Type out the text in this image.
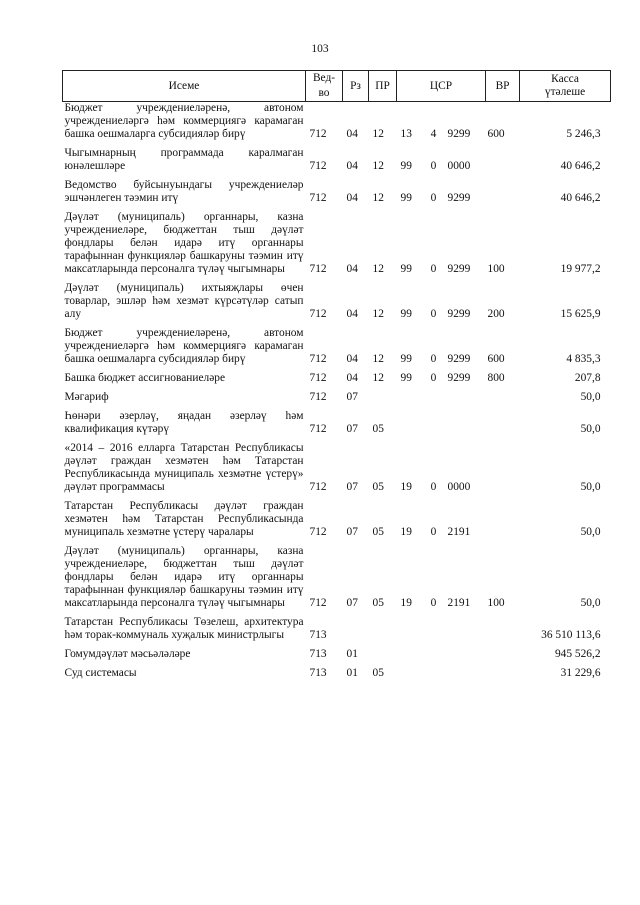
103
Исеме	Вед-
во	Рз	ПР	ЦСР			ВР	Касса
үтәлеше
Бюджет учреждениеләренә, автоном учреждениеләргә һәм коммерциягә карамаган башка оешмаларга субсидияләр бирү	712	04	12	13	4	9299	600	5 246,3
Чыгымнарның программада каралмаган юнәлешләре	712	04	12	99	0	0000		40 646,2
Ведомство буйсынуындагы учреждениеләр эшчәнлеген тәэмин итү	712	04	12	99	0	9299		40 646,2
Дәүләт (муниципаль) органнары, казна учреждениеләре, бюджеттан тыш дәүләт фондлары белән идарә итү органнары тарафыннан функцияләр башкаруны тәэмин итү максатларында персоналга түләү чыгымнары	712	04	12	99	0	9299	100	19 977,2
Дәүләт (муниципаль) ихтыяҗлары өчен товарлар, эшләр һәм хезмәт күрсәтүләр сатып алу	712	04	12	99	0	9299	200	15 625,9
Бюджет учреждениеләренә, автоном учреждениеләргә һәм коммерциягә карамаган башка оешмаларга субсидияләр бирү	712	04	12	99	0	9299	600	4 835,3
Башка бюджет ассигнованиеләре	712	04	12	99	0	9299	800	207,8
Мәгариф	712	07						50,0
Һөнәри әзерләү, яңадан әзерләү һәм квалификация күтәрү	712	07	05					50,0
«2014 – 2016 елларга Татарстан Республикасы дәүләт граждан хезмәтен һәм Татарстан Республикасында муниципаль хезмәтне үстерү» дәүләт программасы	712	07	05	19	0	0000		50,0
Татарстан Республикасы дәүләт граждан хезмәтен һәм Татарстан Республикасында муниципаль хезмәтне үстерү чаралары	712	07	05	19	0	2191		50,0
Дәүләт (муниципаль) органнары, казна учреждениеләре, бюджеттан тыш дәүләт фондлары белән идарә итү органнары тарафыннан функцияләр башкаруны тәэмин итү максатларында персоналга түләү чыгымнары	712	07	05	19	0	2191	100	50,0
Татарстан Республикасы Төзелеш, архитектура һәм торак-коммуналь хуҗалык министрлыгы	713							36 510 113,6
Гомумдәүләт мәсьәләләре	713	01						945 526,2
Суд системасы	713	01	05					31 229,6
